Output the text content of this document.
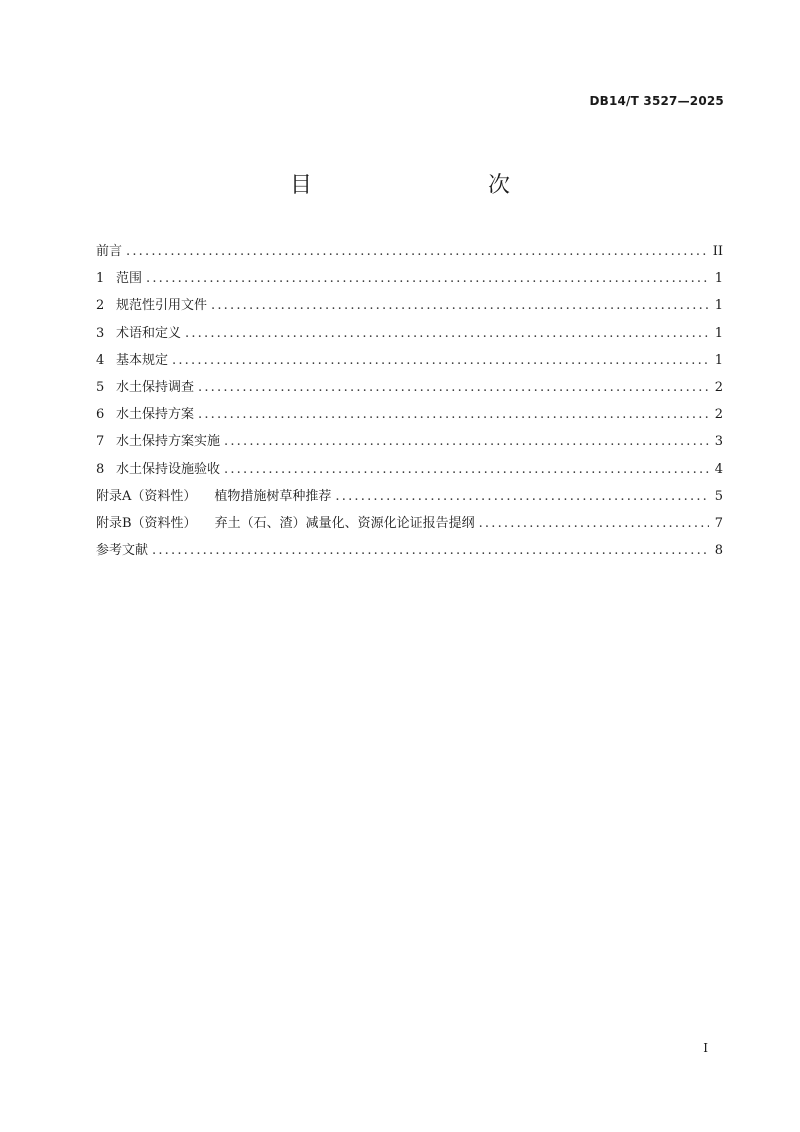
DB14/T 3527—2025
目　　次
前言 .....	II
1 范围 .....	1
2 规范性引用文件 .....	1
3 术语和定义 .....	1
4 基本规定 .....	1
5 水土保持调查 .....	2
6 水土保持方案 .....	2
7 水土保持方案实施 .....	3
8 水土保持设施验收 .....	4
附录A（资料性） 植物措施树草种推荐 .....	5
附录B（资料性） 弃土（石、渣）减量化、资源化论证报告提纲 .....	7
参考文献 .....	8
I
